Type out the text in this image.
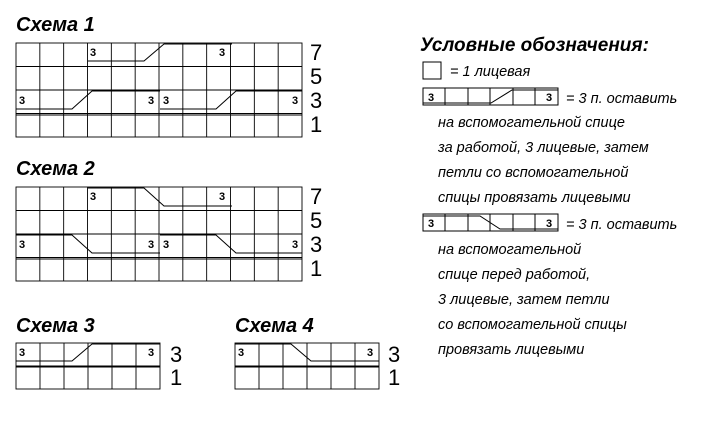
Схема 1
3	3
3	3 3	3
7
5
3
1
Схема 2
3	3
3	3 3	3
7
5
3
1
Схема 3
3	3 3
1
Схема 4
3	3 3
1
Условные обозначения:
= 1 лицевая
3	3 = 3 п. оставить
на вспомогательной спице
за работой, 3 лицевые, затем
петли со вспомогательной
спицы провязать лицевыми
3	3 = 3 п. оставить
на вспомогательной
спице перед работой,
3 лицевые, затем петли
со вспомогательной спицы
провязать лицевыми
